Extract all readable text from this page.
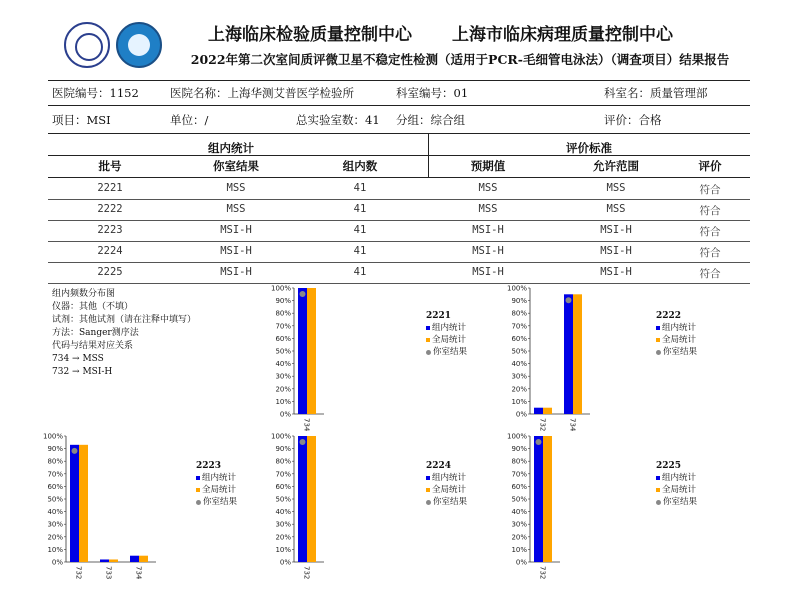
上海临床检验质量控制中心 上海市临床病理质量控制中心
2022年第二次室间质评微卫星不稳定性检测（适用于PCR-毛细管电泳法）（调查项目）结果报告
医院编号：1152	医院名称：上海华测艾普医学检验所	科室编号：01	科室名：质量管理部
项目：MSI	单位：/	总实验室数：41 分组：综合组	评价：合格
组内统计	评价标准
批号	你室结果	组内数	预期值	允许范围	评价
2221	MSS	41	MSS	MSS	符合
2222	MSS	41	MSS	MSS	符合
2223	MSI-H	41	MSI-H	MSI-H	符合
2224	MSI-H	41	MSI-H	MSI-H	符合
2225	MSI-H	41	MSI-H	MSI-H	符合
组内频数分布图
仪器：其他（不填）
试剂：其他试剂（请在注释中填写）
方法：Sanger测序法
代码与结果对应关系
734 → MSS
732 → MSI-H
0%
10%
20%
30%
40%
50%
60%
70%
80%
90%
100%
734
2221
组内统计
全局统计
你室结果
0%
10%
20%
30%
40%
50%
60%
70%
80%
90%
100%
732	734
2222
组内统计
全局统计
你室结果
0%
10%
20%
30%
40%
50%
60%
70%
80%
90%
100%
732	733	734
2223
组内统计
全局统计
你室结果
0%
10%
20%
30%
40%
50%
60%
70%
80%
90%
100%
732
2224
组内统计
全局统计
你室结果
0%
10%
20%
30%
40%
50%
60%
70%
80%
90%
100%
732
2225
组内统计
全局统计
你室结果
